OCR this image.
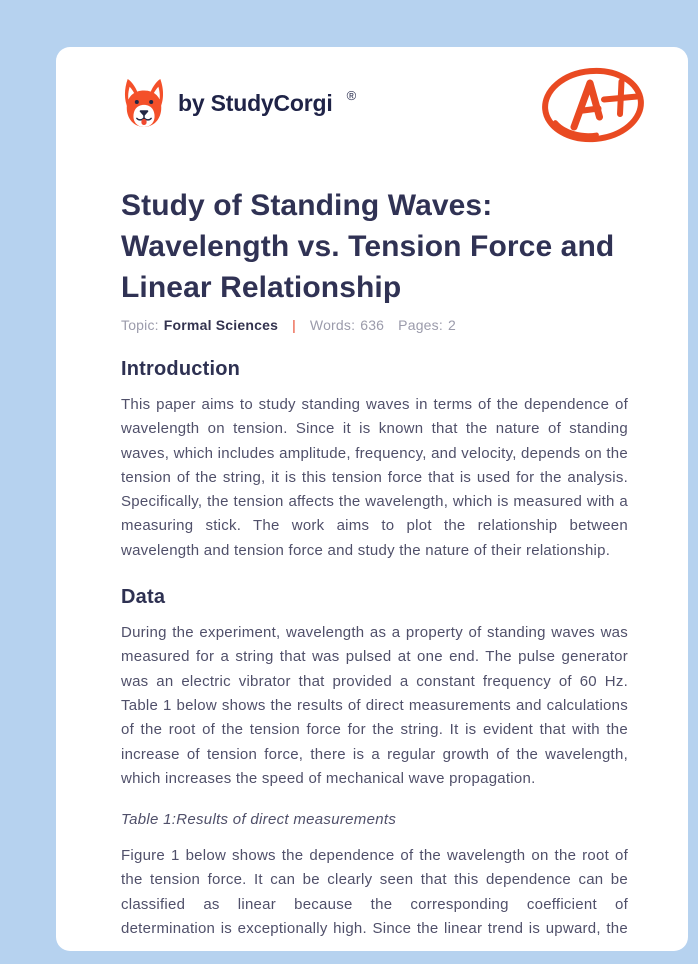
by StudyCorgi ®
Study of Standing Waves:
Wavelength vs. Tension Force and
Linear Relationship
Topic: Formal Sciences | Words: 636 Pages: 2
Introduction

This paper aims to study standing waves in terms of the dependence of wavelength on tension. Since it is known that the nature of standing waves, which includes amplitude, frequency, and velocity, depends on the tension of the string, it is this tension force that is used for the analysis. Specifically, the tension affects the wavelength, which is measured with a measuring stick. The work aims to plot the relationship between wavelength and tension force and study the nature of their relationship.

Data

During the experiment, wavelength as a property of standing waves was measured for a string that was pulsed at one end. The pulse generator was an electric vibrator that provided a constant frequency of 60 Hz. Table 1 below shows the results of direct measurements and calculations of the root of the tension force for the string. It is evident that with the increase of tension force, there is a regular growth of the wavelength, which increases the speed of mechanical wave propagation.

Table 1:Results of direct measurements

Figure 1 below shows the dependence of the wavelength on the root of the tension force. It can be clearly seen that this dependence can be classified as linear because the corresponding coefficient of determination is exceptionally high. Since the linear trend is upward, the
